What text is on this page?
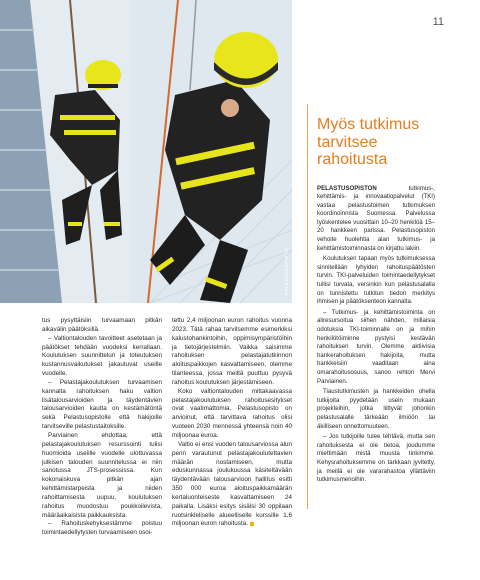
11
PELASTUSOPISTO
Myös tutkimus
tarvitsee
rahoitusta

PELASTUSOPISTON	tutkimus-, kehittämis- ja innovaatiopalvelut (TKI) vastaa pelastustoimen tutkimuksen koordinoinnista Suomessa. Palvelussa työskentelee vuosittain 10–20 henkilöä 15–20 hankkeen parissa. Pelastusopiston vehoite huolehtia alan tutkimus- ja kehittämistoiminnasta on kirjattu lakiin.

Koulutuksen tapaan myös tutkimuksessa sinnitellään lyhyiden rahoituspäätösten turvin. TKI-palveluiden toimintaedellytykset tullisi turvata, versinkin kun pelastusalalla on tunnistettu tutkitun tiedon merkitys ihmisen ja päätöksenteon kannalta.

– Tutkimus- ja kehittämistoiminta on aliresursoitua siihen nähden, millaisia odotuksia TKI-toiminnalle on ja mihin henkilötöiminne pystyisi kestävän rahoituksen turvin. Olemme aktiivisia hankerahoituksen hakijoita, mutta hankkeisiin vaaditaan aina omarahoitusosuus, sanoo rehtori Mervi Parviainen.

Tiaustutkimusten ja hankkeiden ohella tutkijoita pyydetään usein mukaan projekteihin, jotka liittyvät johonkin pelastusalalle tärkeään ilmiöön tai äkilliseen onnettomuuteen.

– Jos tutkijoille tulee tehtävä, mutta sen rahoituksesta ei ole tietoa, joudumme miettimään mistä muusta tinkimme. Kehysrahoituksemme on tarkkaan jyvitetty, ja meillä ei ole vararahastoa yllättäviin tutkimusmenoihin.

tus pysyttäisiin turvaamaan pitkän aikavälin päätöksillä.

– Valtiontalouden tavoitteet asetetaan ja päätökset tehdään vuodeksi kerrallaan. Koulutuksen suunnittelun ja toteutuksen kustannusvaikutukset jakautuvat useille vuodelle.

– Pelastajakoulutuksen turvaamisen kannalta rahoituksen haku valtion lisätalousarvioiden ja täydentävien talousarvioiden kautta on kestämätöntä sekä Pelastusopistolle että hakijoille tarvitseville pelastustaitoksille.

Parviainen ehdottaa, että pelastajakoulutuksen resurssointi tulisi huomioida useiille vuodelle ulottuvassa julkisen talouden suunnitelussa ei niin sanotussa JTS-prosessissa. Kun kokonaiskuva pitkän ajan kehittämistarpeista ja niiden rahoittamisesta uupuu, koulutuksen rahoitus muodostuu poukkoilevista, määräaikaisista paikkauksista.

– Rahoituskehyksestämme poistuu toimintaedellytysten turvaamiseen osoi-

tettu 2,4 miljoonan euron rahoitus vuonna 2023. Tätä rahaa tarvitsemme esimerkiksi kalustohankintoihin, oppimisympäristöihin ja tietojärjestelmiin. Vaikka saisimme rahoituksen pelastajatutkinnon aloituspaikkojen kasvattamiseen, olemme tilanteessa, jossa meiltä puuttuu pysyvä rahoitus koulutuksen järjestämiseen.

Koko valtiontalouden mittakaavassa pelastajakoulutuksen rahoitusesitykset ovat vaatimattomia. Pelastusopisto on arvioinut, että tarvittava rahoitus olisi vuoteen 2030 mennessä yhteensä noin 40 miljoonaa euroa.

Valtio ei ensi vuoden talousarviossa alun perin varautunut pelastajakoulutettavien määrän nostamiseen, mutta eduskunnassa joulukuussa käsiteltävään täydentävään talousarvioon hallitus esitti 350 000 euroa aloituspaikkamäärän kertaluonteiseste kasvattamiseen 24 paikalla. Lisäksi esitys sisälsi 30 oppilaan ruotsinkieliselle alueelliselle kurssille 1,6 miljoonan euron rahoitusta.
